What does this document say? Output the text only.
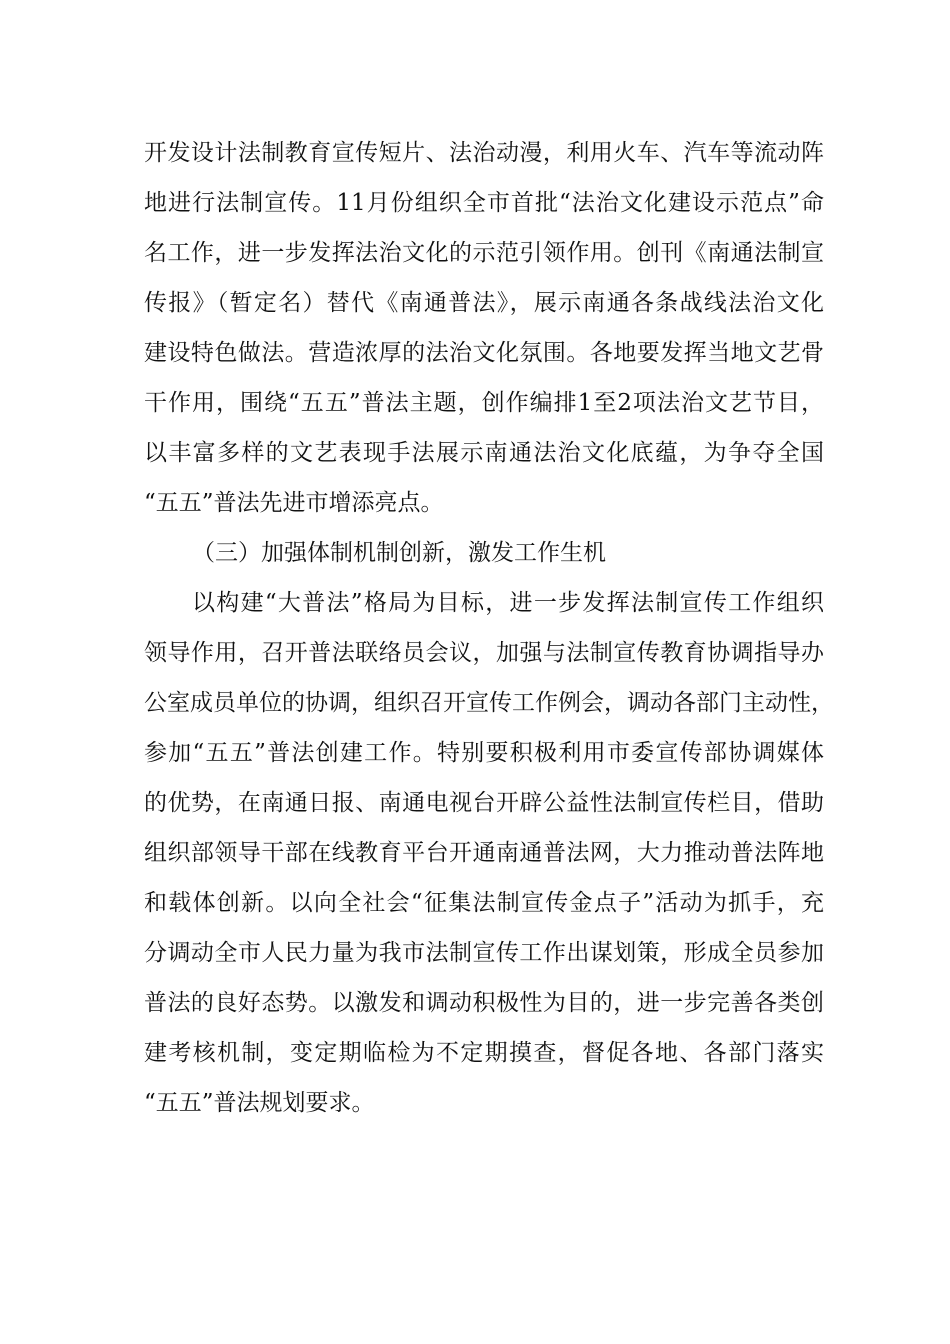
开发设计法制教育宣传短片、法治动漫，利用火车、汽车等流动阵
地进行法制宣传。11月份组织全市首批“法治文化建设示范点”命
名工作，进一步发挥法治文化的示范引领作用。创刊《南通法制宣
传报》（暂定名）替代《南通普法》，展示南通各条战线法治文化
建设特色做法。营造浓厚的法治文化氛围。各地要发挥当地文艺骨
干作用，围绕“五五”普法主题，创作编排1至2项法治文艺节目，
以丰富多样的文艺表现手法展示南通法治文化底蕴，为争夺全国
“五五”普法先进市增添亮点。
（三）加强体制机制创新，激发工作生机
以构建“大普法”格局为目标，进一步发挥法制宣传工作组织
领导作用，召开普法联络员会议，加强与法制宣传教育协调指导办
公室成员单位的协调，组织召开宣传工作例会，调动各部门主动性，
参加“五五”普法创建工作。特别要积极利用市委宣传部协调媒体
的优势，在南通日报、南通电视台开辟公益性法制宣传栏目，借助
组织部领导干部在线教育平台开通南通普法网，大力推动普法阵地
和载体创新。以向全社会“征集法制宣传金点子”活动为抓手，充
分调动全市人民力量为我市法制宣传工作出谋划策，形成全员参加
普法的良好态势。以激发和调动积极性为目的，进一步完善各类创
建考核机制，变定期临检为不定期摸查，督促各地、各部门落实
“五五”普法规划要求。
